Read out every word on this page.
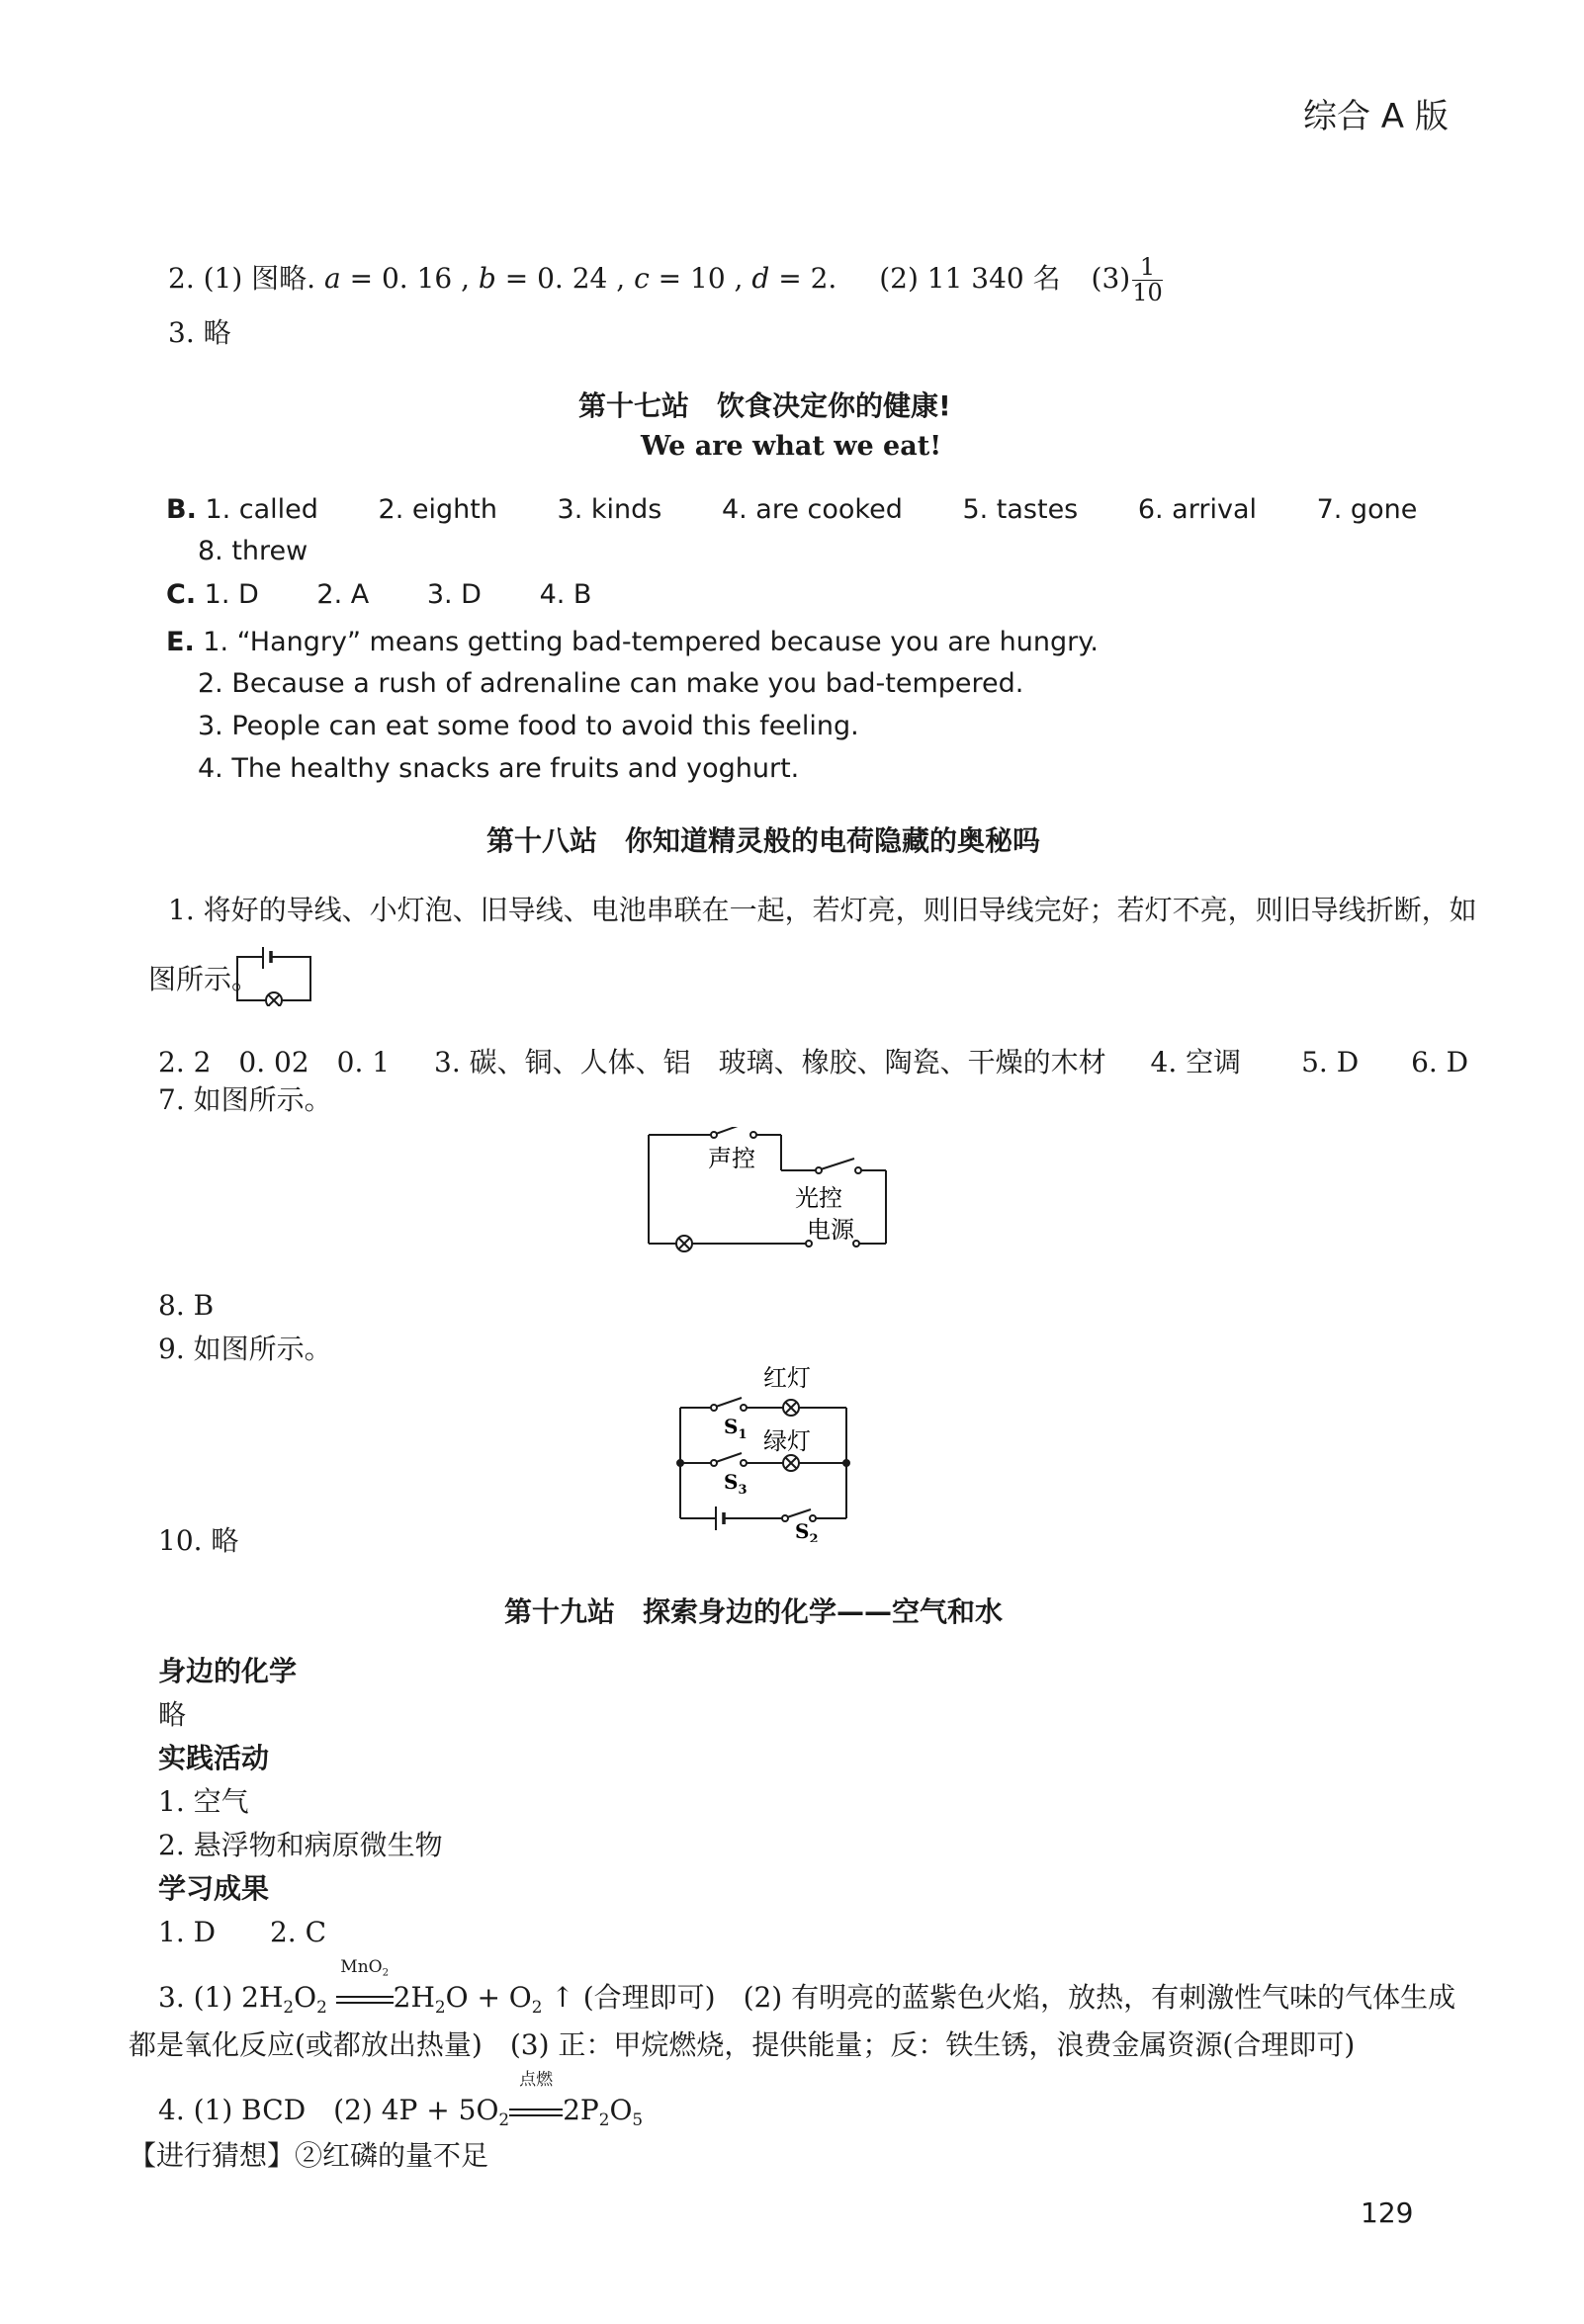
综合 A 版
2. (1) 图略. a = 0. 16 , b = 0. 24 , c = 10 , d = 2. (2) 11 340 名 $(3) \frac{1}{10}$
3. 略
第十七站　饮食决定你的健康!
We are what we eat!
B. 1. called 2. eighth 3. kinds 4. are cooked 5. tastes 6. arrival 7. gone
8. threw
C. 1. D 2. A 3. D 4. B
E. 1. “Hangry” means getting bad-tempered because you are hungry.
2. Because a rush of adrenaline can make you bad-tempered.
3. People can eat some food to avoid this feeling.
4. The healthy snacks are fruits and yoghurt.
第十八站　你知道精灵般的电荷隐藏的奥秘吗
1. 将好的导线、小灯泡、旧导线、电池串联在一起，若灯亮，则旧导线完好；若灯不亮，则旧导线折断，如
图所示。
2. 2　0. 02　0. 1 3. 碳、铜、人体、铝　玻璃、橡胶、陶瓷、干燥的木材 4. 空调 5. D 6. D
7. 如图所示。
声控
光控
电源
8. B
9. 如图所示。
红灯
绿灯
$S_1$
$S_3$
$S_2$
10. 略
第十九站　探索身边的化学——空气和水
身边的化学
略
实践活动
1. 空气
2. 悬浮物和病原微生物
学习成果
1. D 2. C
3. (1) $2H_2O_2$
MnO$_2$
$2H_2O + O_2$ ↑ (合理即可)　(2) 有明亮的蓝紫色火焰，放热，有刺激性气味的气体生成
都是氧化反应(或都放出热量)　(3) 正：甲烷燃烧，提供能量；反：铁生锈，浪费金属资源(合理即可)
4. (1) BCD　(2) $4P + 5O_2$
点燃
$2P_2O_5$
【进行猜想】②红磷的量不足
129
